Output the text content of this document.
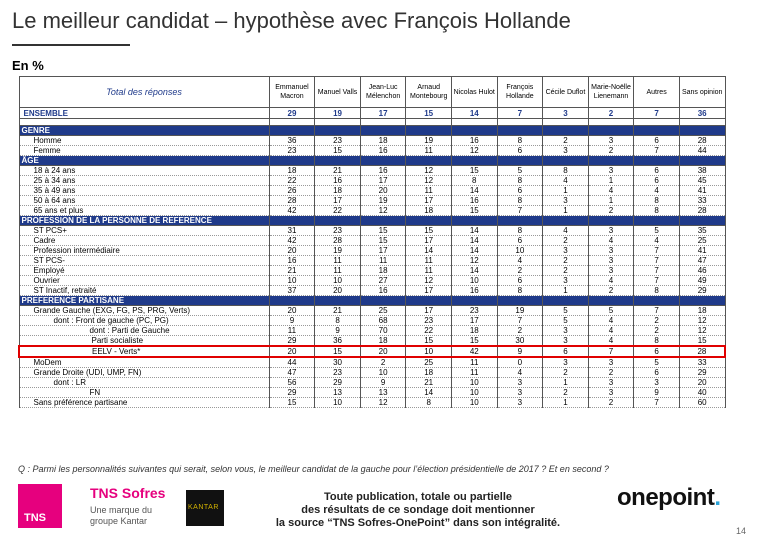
Le meilleur candidat – hypothèse avec François Hollande
En %
Total des réponses	Emmanuel Macron	Manuel Valls	Jean-Luc Mélenchon	Arnaud Montebourg	Nicolas Hulot	François Hollande	Cécile Duflot	Marie-Noëlle Lienemann	Autres	Sans opinion
ENSEMBLE	29	19	17	15	14	7	3	2	7	36

GENRE										
Homme	36	23	18	19	16	8	2	3	6	28
Femme	23	15	16	11	12	6	3	2	7	44
ÂGE										
18 à 24 ans	18	21	16	12	15	5	8	3	6	38
25 à 34 ans	22	16	17	12	8	8	4	1	6	45
35 à 49 ans	26	18	20	11	14	6	1	4	4	41
50 à 64 ans	28	17	19	17	16	8	3	1	8	33
65 ans et plus	42	22	12	18	15	7	1	2	8	28
PROFESSION DE LA PERSONNE DE REFERENCE										
ST PCS+	31	23	15	15	14	8	4	3	5	35
Cadre	42	28	15	17	14	6	2	4	4	25
Profession intermédiaire	20	19	17	14	14	10	3	3	7	41
ST PCS-	16	11	11	11	12	4	2	3	7	47
Employé	21	11	18	11	14	2	2	3	7	46
Ouvrier	10	10	27	12	10	6	3	4	7	49
ST Inactif, retraité	37	20	16	17	16	8	1	2	8	29
PREFERENCE PARTISANE										
Grande Gauche (EXG, FG, PS, PRG, Verts)	20	21	25	17	23	19	5	5	7	18
dont : Front de gauche (PC, PG)	9	8	68	23	17	7	5	4	2	12
dont : Parti de Gauche	11	9	70	22	18	2	3	4	2	12
Parti socialiste	29	36	18	15	15	30	3	4	8	15
EELV - Verts*	20	15	20	10	42	9	6	7	6	28
MoDem	44	30	2	25	11	0	3	3	5	33
Grande Droite (UDI, UMP, FN)	47	23	10	18	11	4	2	2	6	29
dont : LR	56	29	9	21	10	3	1	3	3	20
FN	29	13	13	14	10	3	2	3	9	40
Sans préférence partisane	15	10	12	8	10	3	1	2	7	60
Q : Parmi les personnalités suivantes qui serait, selon vous, le meilleur candidat de la gauche pour l’élection présidentielle de 2017 ? Et en second ?
TNS
TNS Sofres
Une marque du groupe Kantar
KANTAR
Toute publication, totale ou partielle
des résultats de ce sondage doit mentionner
la source “TNS Sofres-OnePoint” dans son intégralité.
onepoint.
14
